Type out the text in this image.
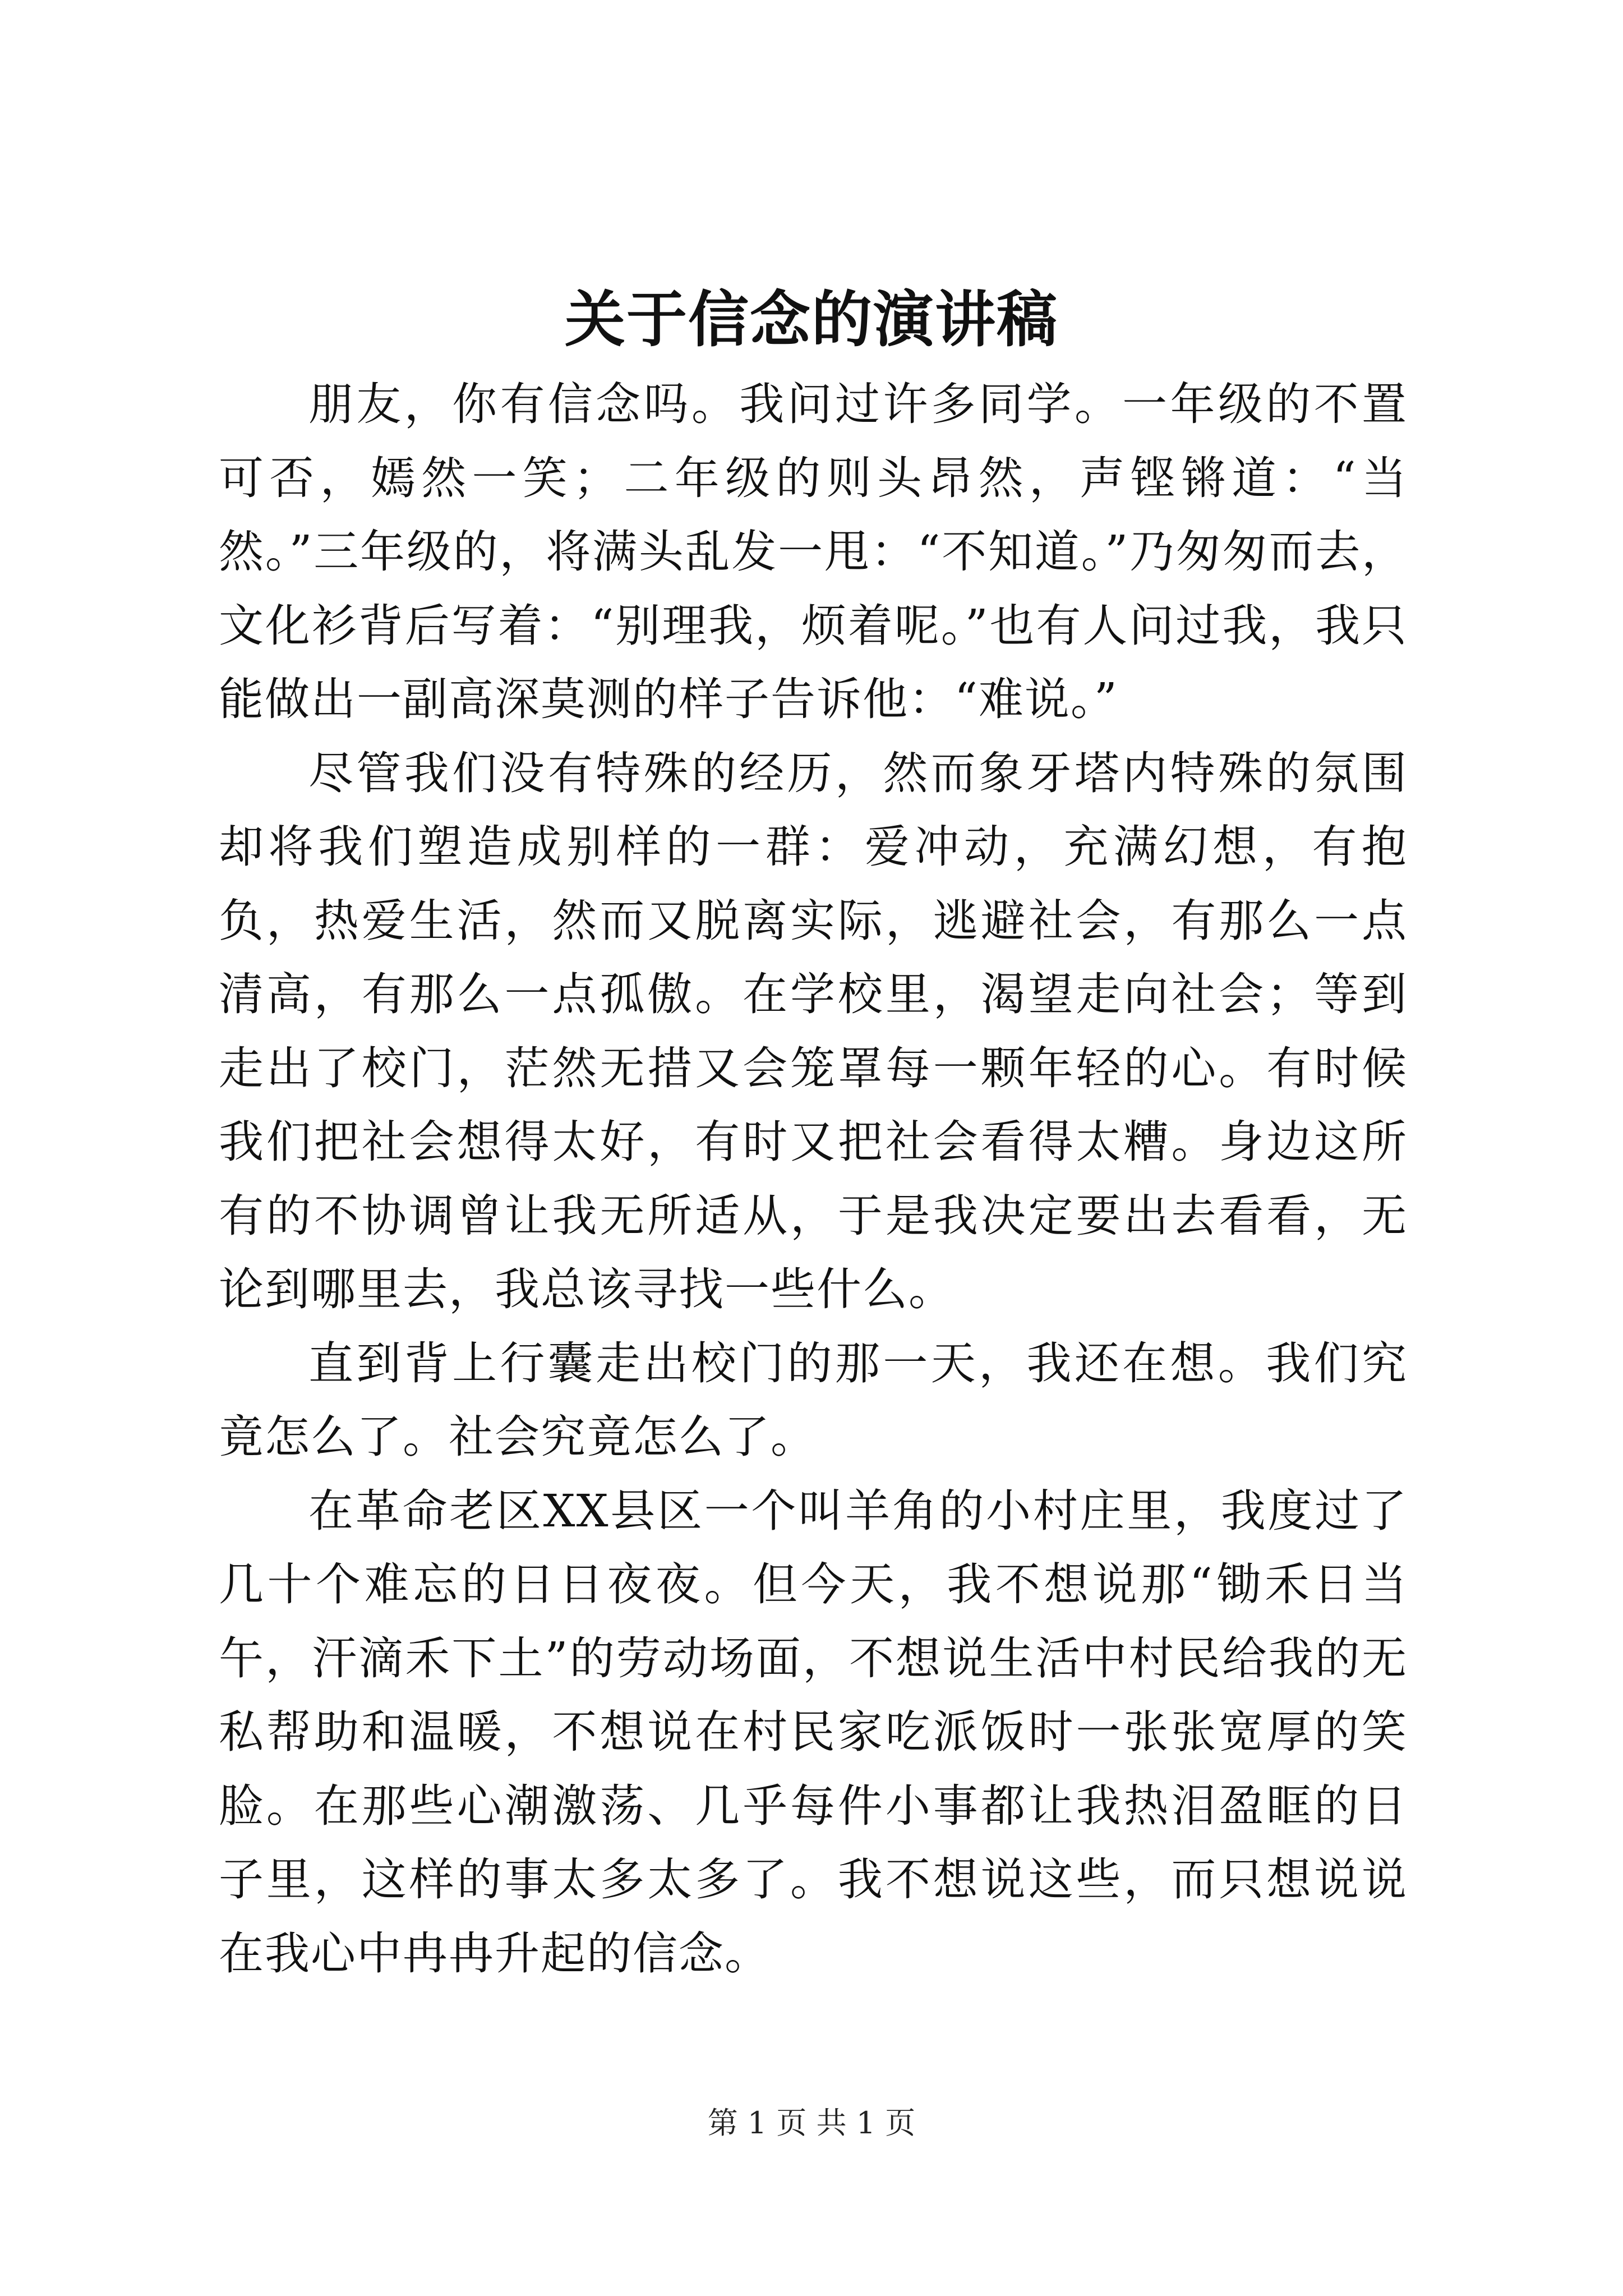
关于信念的演讲稿

朋友，你有信念吗。我问过许多同学。一年级的不置可否，嫣然一笑；二年级的则头昂然，声铿锵道：“当然。”三年级的，将满头乱发一甩：“不知道。”乃匆匆而去，文化衫背后写着：“别理我，烦着呢。”也有人问过我，我只能做出一副高深莫测的样子告诉他：“难说。”

尽管我们没有特殊的经历，然而象牙塔内特殊的氛围却将我们塑造成别样的一群：爱冲动，充满幻想，有抱负，热爱生活，然而又脱离实际，逃避社会，有那么一点清高，有那么一点孤傲。在学校里，渴望走向社会；等到走出了校门，茫然无措又会笼罩每一颗年轻的心。有时候我们把社会想得太好，有时又把社会看得太糟。身边这所有的不协调曾让我无所适从，于是我决定要出去看看，无论到哪里去，我总该寻找一些什么。

直到背上行囊走出校门的那一天，我还在想。我们究竟怎么了。社会究竟怎么了。

在革命老区XX县区一个叫羊角的小村庄里，我度过了几十个难忘的日日夜夜。但今天，我不想说那“锄禾日当午，汗滴禾下土”的劳动场面，不想说生活中村民给我的无私帮助和温暖，不想说在村民家吃派饭时一张张宽厚的笑脸。在那些心潮激荡、几乎每件小事都让我热泪盈眶的日子里，这样的事太多太多了。我不想说这些，而只想说说在我心中冉冉升起的信念。

第 1 页 共 1 页
